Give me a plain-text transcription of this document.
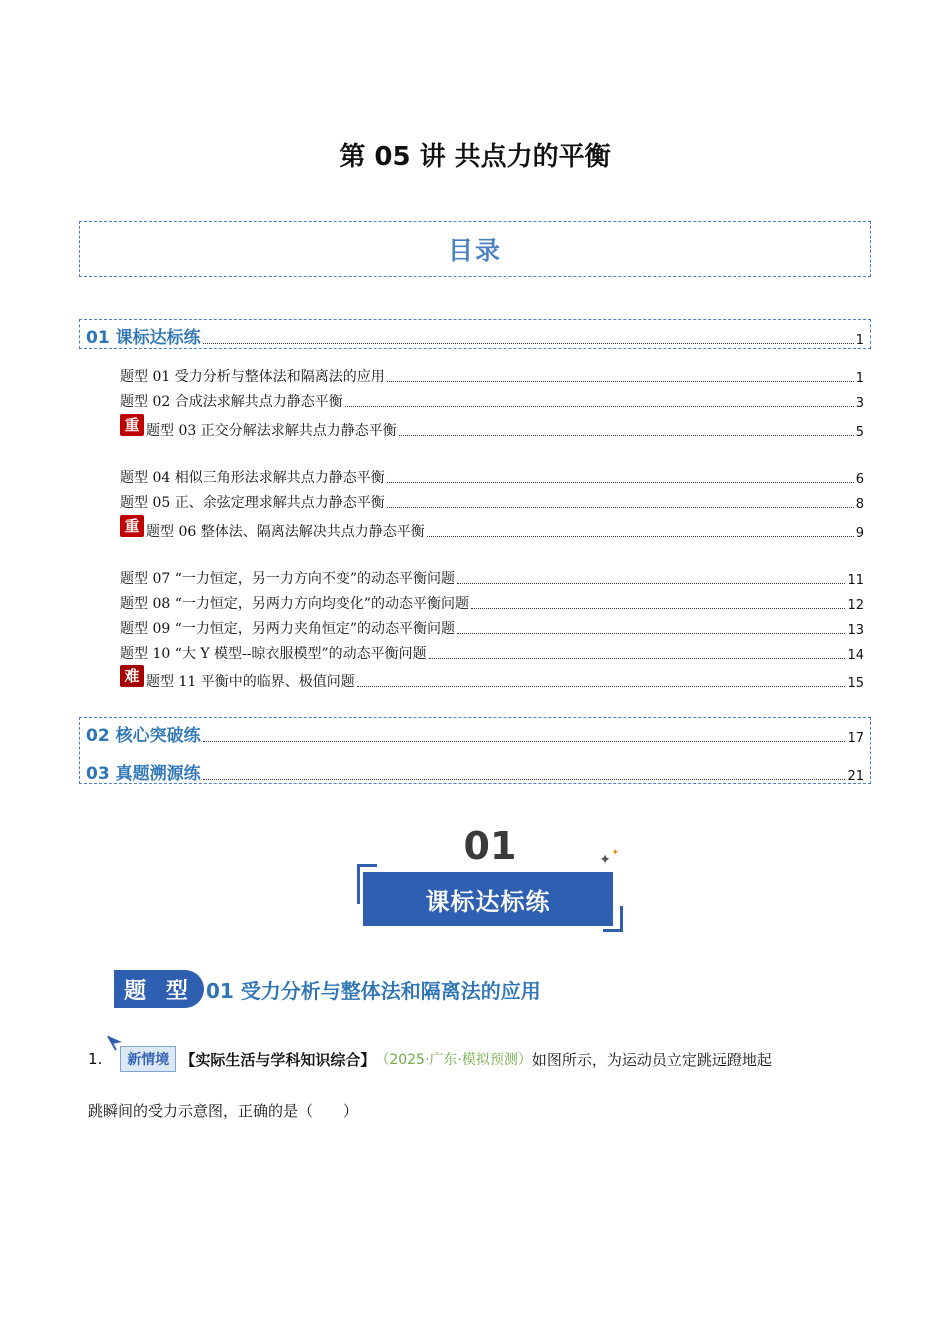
第 05 讲 共点力的平衡
目录
01 课标达标练	1
题型 01 受力分析与整体法和隔离法的应用	1
题型 02 合成法求解共点力静态平衡	3
重 题型 03 正交分解法求解共点力静态平衡	5
题型 04 相似三角形法求解共点力静态平衡	6
题型 05 正、余弦定理求解共点力静态平衡	8
重 题型 06 整体法、隔离法解决共点力静态平衡	9
题型 07 “一力恒定，另一力方向不变”的动态平衡问题	11
题型 08 “一力恒定，另两力方向均变化”的动态平衡问题	12
题型 09 “一力恒定，另两力夹角恒定”的动态平衡问题	13
题型 10 “大 Y 模型--晾衣服模型”的动态平衡问题	14
难 题型 11 平衡中的临界、极值问题	15
02 核心突破练	17
03 真题溯源练	21
01	✦ ✦
课标达标练
题 型 01 受力分析与整体法和隔离法的应用
1.	新情境 【实际生活与学科知识综合】 （2025·广东·模拟预测） 如图所示，为运动员立定跳远蹬地起
跳瞬间的受力示意图，正确的是（　　）
